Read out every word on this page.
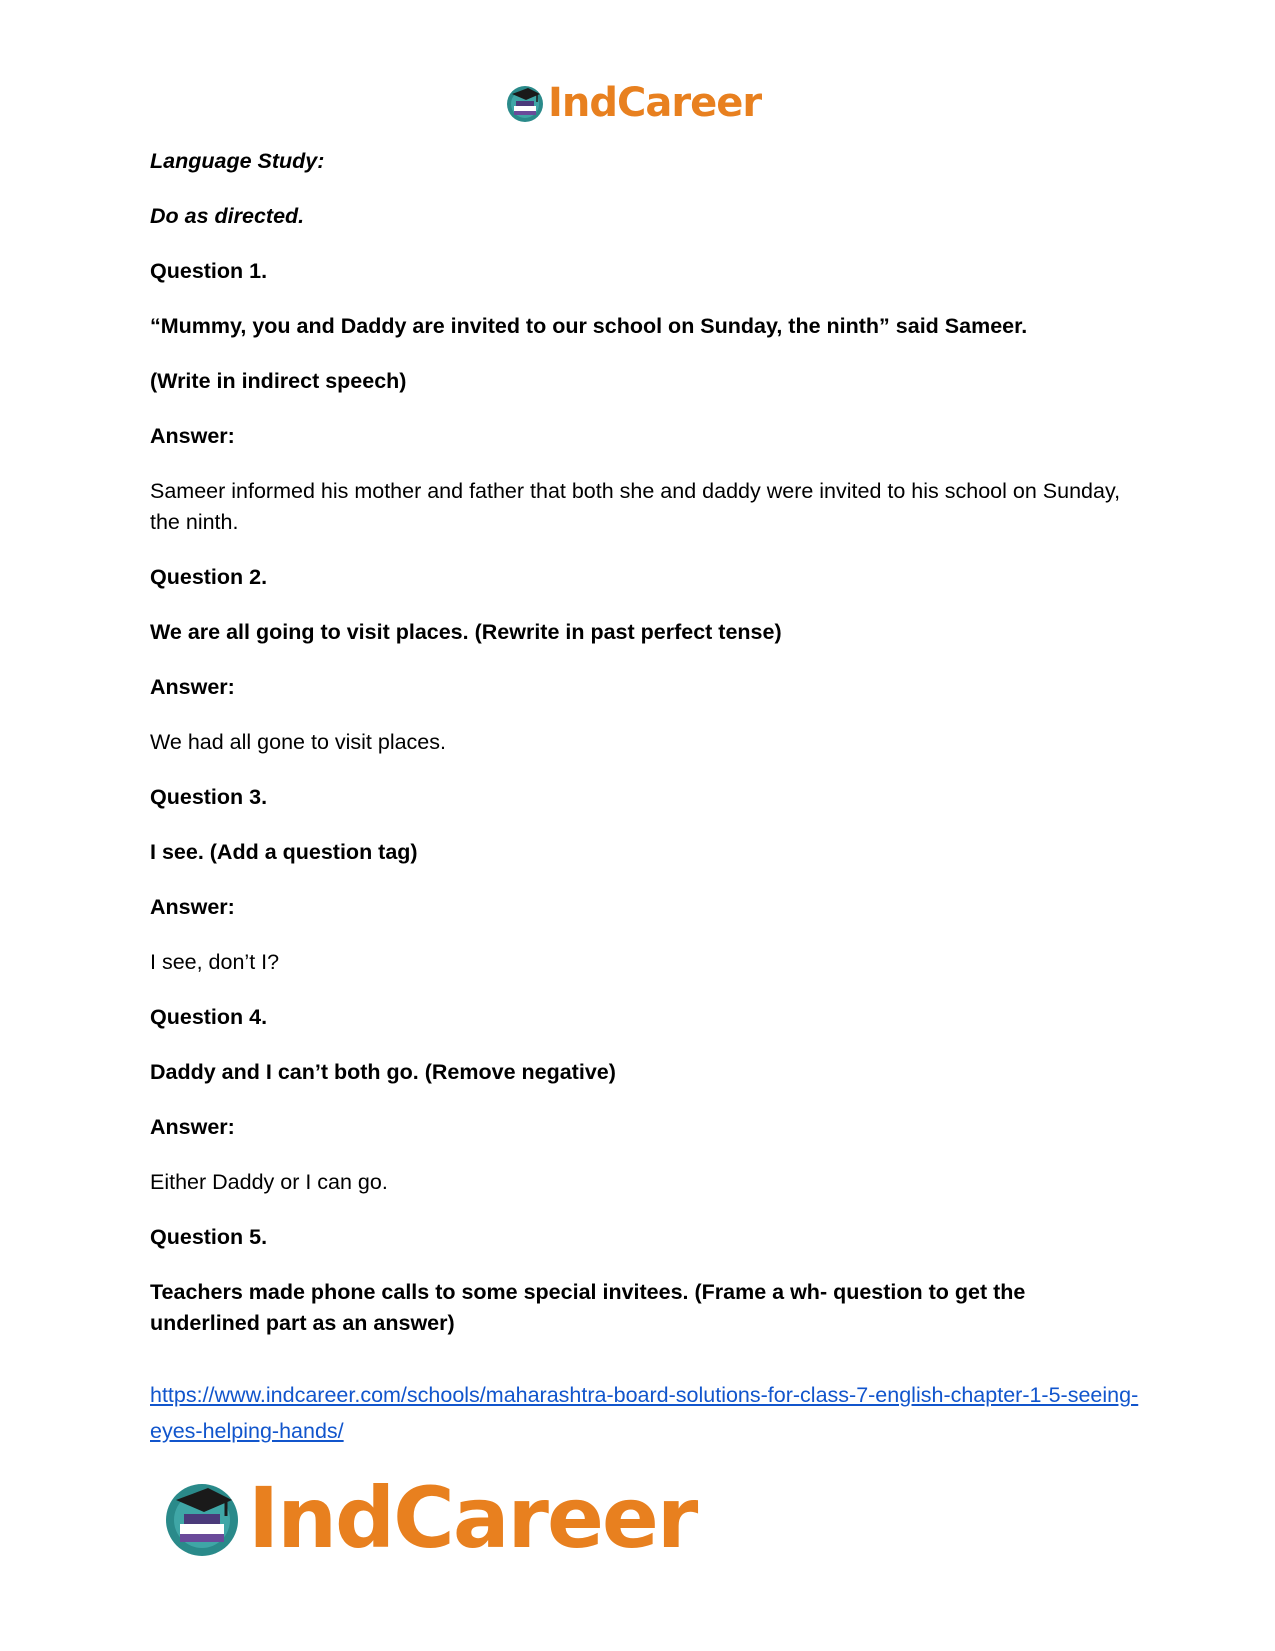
IndCareer

Language Study:

Do as directed.

Question 1.

“Mummy, you and Daddy are invited to our school on Sunday, the ninth” said Sameer.

(Write in indirect speech)

Answer:

Sameer informed his mother and father that both she and daddy were invited to his school on Sunday, the ninth.

Question 2.

We are all going to visit places. (Rewrite in past perfect tense)

Answer:

We had all gone to visit places.

Question 3.

I see. (Add a question tag)

Answer:

I see, don’t I?

Question 4.

Daddy and I can’t both go. (Remove negative)

Answer:

Either Daddy or I can go.

Question 5.

Teachers made phone calls to some special invitees. (Frame a wh- question to get the underlined part as an answer)

https://www.indcareer.com/schools/maharashtra-board-solutions-for-class-7-english-chapter-1-5-seeing-eyes-helping-hands/

IndCareer
